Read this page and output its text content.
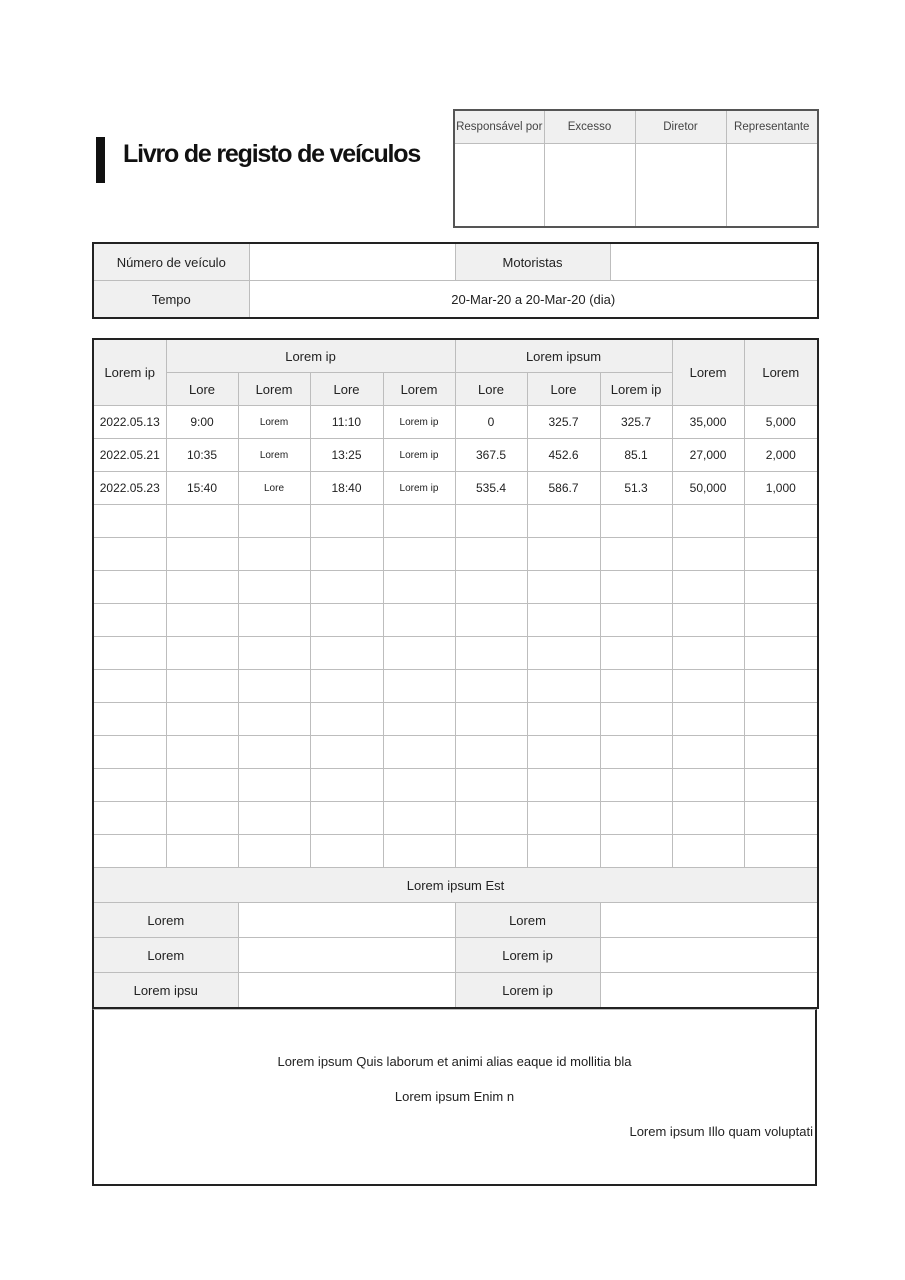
Livro de registo de veículos
Responsável por	Excesso	Diretor	Representante

Número de veículo		Motoristas	
Tempo	20-Mar-20 a 20-Mar-20 (dia)		
Lorem ip	Lorem ip				Lorem ipsum			Lorem	Lorem
	Lore	Lorem	Lore	Lorem	Lore	Lore	Lorem ip		
2022.05.13	9:00	Lorem	11:10	Lorem ip	0	325.7	325.7	35,000	5,000
2022.05.21	10:35	Lorem	13:25	Lorem ip	367.5	452.6	85.1	27,000	2,000
2022.05.23	15:40	Lore	18:40	Lorem ip	535.4	586.7	51.3	50,000	1,000

Lorem ipsum Est									
Lorem					Lorem				
Lorem					Lorem ip				
Lorem ipsu					Lorem ip				
Lorem ipsum Quis laborum et animi alias eaque id mollitia bla
Lorem ipsum Enim n
Lorem ipsum Illo quam voluptati
